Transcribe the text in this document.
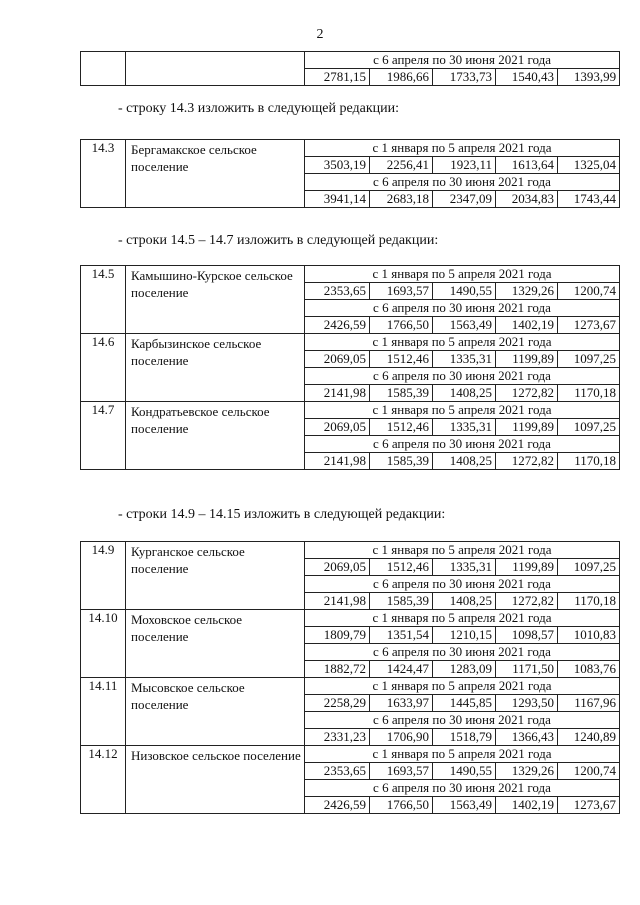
2
		с 6 апреля по 30 июня 2021 года				
		2781,15	1986,66	1733,73	1540,43	1393,99
- строку 14.3 изложить в следующей редакции:
14.3	Бергамакское сельское поселение	с 1 января по 5 апреля 2021 года				
		3503,19	2256,41	1923,11	1613,64	1325,04
		с 6 апреля по 30 июня 2021 года				
		3941,14	2683,18	2347,09	2034,83	1743,44
- строки 14.5 – 14.7 изложить в следующей редакции:
14.5	Камышино-Курское сельское поселение	с 1 января по 5 апреля 2021 года				
		2353,65	1693,57	1490,55	1329,26	1200,74
		с 6 апреля по 30 июня 2021 года				
		2426,59	1766,50	1563,49	1402,19	1273,67
14.6	Карбызинское сельское поселение	с 1 января по 5 апреля 2021 года				
		2069,05	1512,46	1335,31	1199,89	1097,25
		с 6 апреля по 30 июня 2021 года				
		2141,98	1585,39	1408,25	1272,82	1170,18
14.7	Кондратьевское сельское поселение	с 1 января по 5 апреля 2021 года				
		2069,05	1512,46	1335,31	1199,89	1097,25
		с 6 апреля по 30 июня 2021 года				
		2141,98	1585,39	1408,25	1272,82	1170,18
- строки 14.9 – 14.15 изложить в следующей редакции:
14.9	Курганское сельское поселение	с 1 января по 5 апреля 2021 года				
		2069,05	1512,46	1335,31	1199,89	1097,25
		с 6 апреля по 30 июня 2021 года				
		2141,98	1585,39	1408,25	1272,82	1170,18
14.10	Моховское сельское поселение	с 1 января по 5 апреля 2021 года				
		1809,79	1351,54	1210,15	1098,57	1010,83
		с 6 апреля по 30 июня 2021 года				
		1882,72	1424,47	1283,09	1171,50	1083,76
14.11	Мысовское сельское поселение	с 1 января по 5 апреля 2021 года				
		2258,29	1633,97	1445,85	1293,50	1167,96
		с 6 апреля по 30 июня 2021 года				
		2331,23	1706,90	1518,79	1366,43	1240,89
14.12	Низовское сельское поселение	с 1 января по 5 апреля 2021 года				
		2353,65	1693,57	1490,55	1329,26	1200,74
		с 6 апреля по 30 июня 2021 года				
		2426,59	1766,50	1563,49	1402,19	1273,67
